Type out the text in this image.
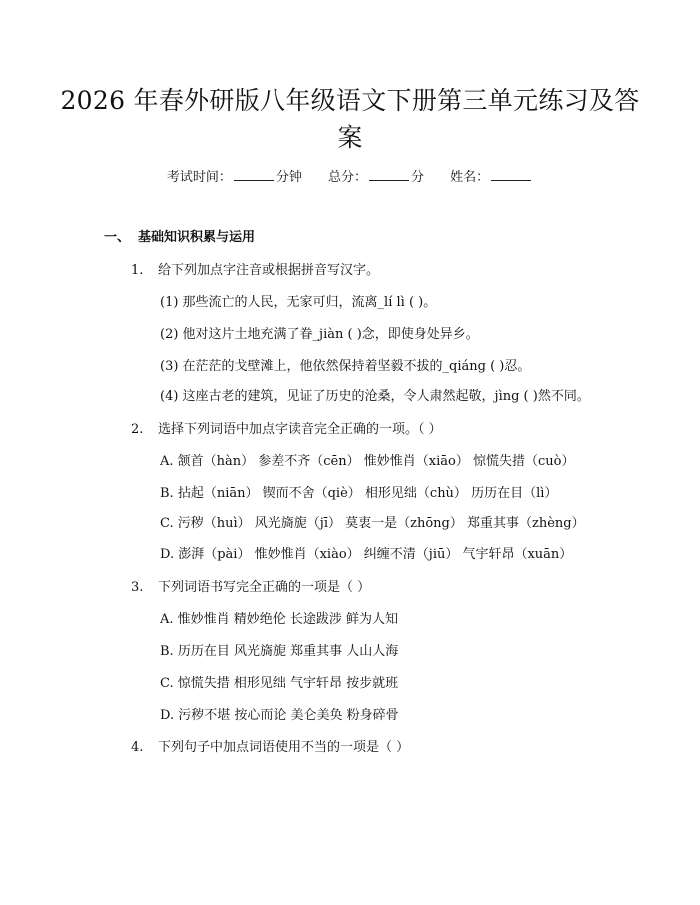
2026 年春外研版八年级语文下册第三单元练习及答案
考试时间：	分钟 总分：	分 姓名：
一、 基础知识积累与运用
1. 给下列加点字注音或根据拼音写汉字。
(1) 那些流亡的人民，无家可归，流离_lí lì ( )。
(2) 他对这片土地充满了眷_jiàn ( )念，即使身处异乡。
(3) 在茫茫的戈壁滩上，他依然保持着坚毅不拔的_qiáng ( )忍。
(4) 这座古老的建筑，见证了历史的沧桑，令人肃然起敬，jìng ( )然不同。
2. 选择下列词语中加点字读音完全正确的一项。（ ）
A. 颔首（hàn） 参差不齐（cēn） 惟妙惟肖（xiāo） 惊慌失措（cuò）
B. 拈起（niān） 锲而不舍（qiè） 相形见绌（chù） 历历在目（lì）
C. 污秽（huì） 风光旖旎（jī） 莫衷一是（zhōng） 郑重其事（zhèng）
D. 澎湃（pài） 惟妙惟肖（xiào） 纠缠不清（jiū） 气宇轩昂（xuān）
3. 下列词语书写完全正确的一项是（ ）
A. 惟妙惟肖 精妙绝伦 长途跋涉 鲜为人知
B. 历历在目 风光旖旎 郑重其事 人山人海
C. 惊慌失措 相形见绌 气宇轩昂 按步就班
D. 污秽不堪 按心而论 美仑美奂 粉身碎骨
4. 下列句子中加点词语使用不当的一项是（ ）
